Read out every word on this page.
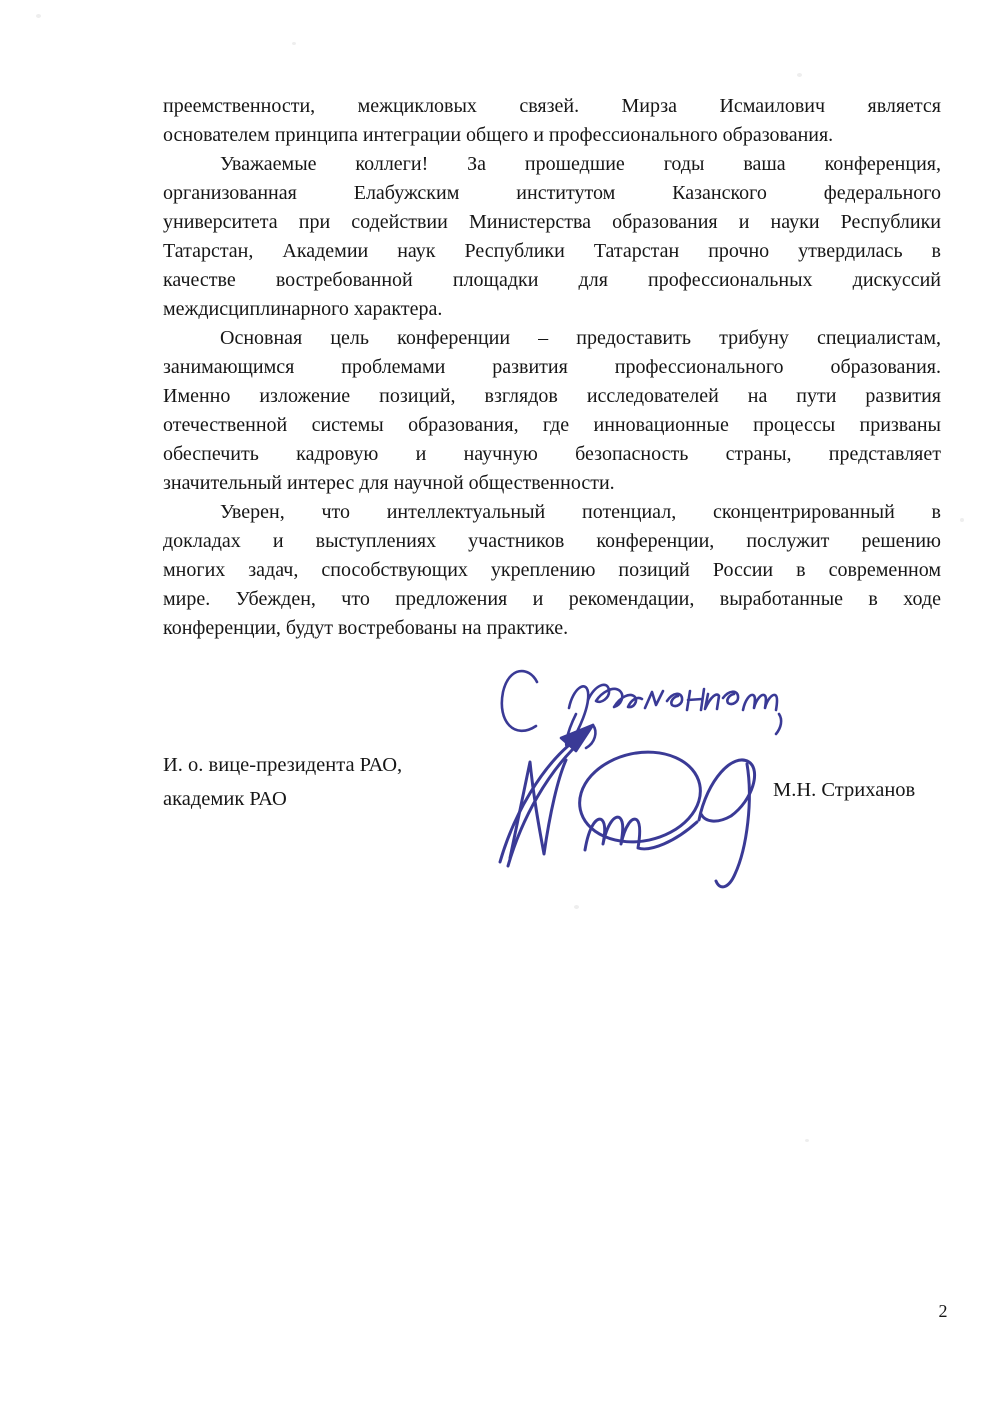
преемственности, межцикловых связей. Мирза Исмаилович является
основателем принципа интеграции общего и профессионального образования.
Уважаемые коллеги! За прошедшие годы ваша конференция,
организованная Елабужским институтом Казанского федерального
университета при содействии Министерства образования и науки Республики
Татарстан, Академии наук Республики Татарстан прочно утвердилась в
качестве востребованной площадки для профессиональных дискуссий
междисциплинарного характера.
Основная цель конференции – предоставить трибуну специалистам,
занимающимся проблемами развития профессионального образования.
Именно изложение позиций, взглядов исследователей на пути развития
отечественной системы образования, где инновационные процессы призваны
обеспечить кадровую и научную безопасность страны, представляет
значительный интерес для научной общественности.
Уверен, что интеллектуальный потенциал, сконцентрированный в
докладах и выступлениях участников конференции, послужит решению
многих задач, способствующих укреплению позиций России в современном
мире. Убежден, что предложения и рекомендации, выработанные в ходе
конференции, будут востребованы на практике.
И. о. вице-президента РАО,
академик РАО	М.Н. Стриханов
2
